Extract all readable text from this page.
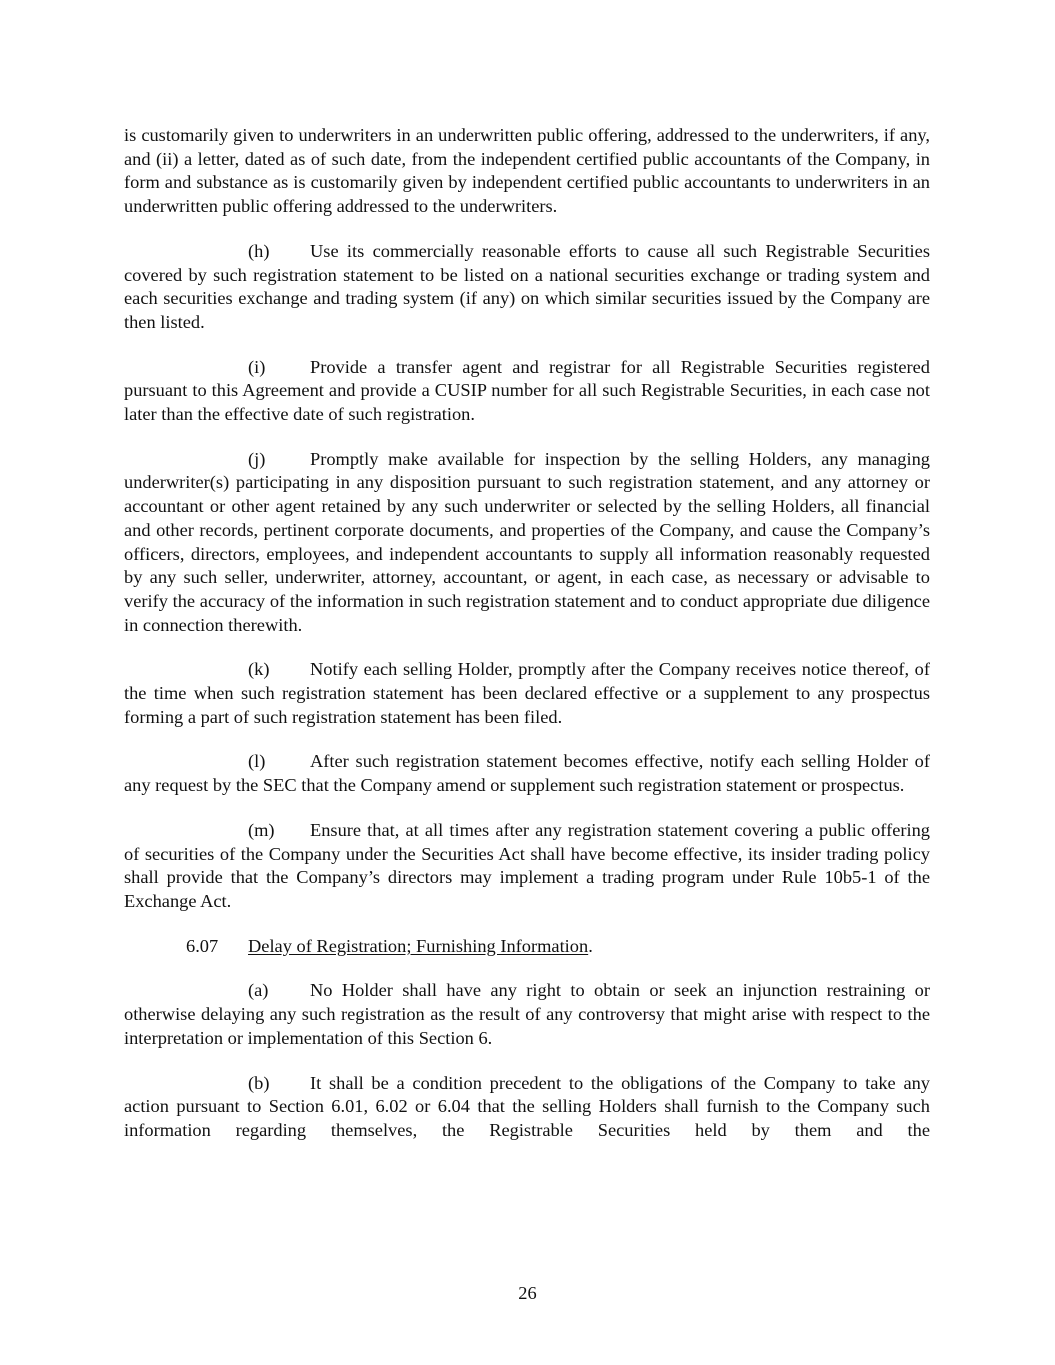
is customarily given to underwriters in an underwritten public offering, addressed to the underwriters, if any, and (ii) a letter, dated as of such date, from the independent certified public accountants of the Company, in form and substance as is customarily given by independent certified public accountants to underwriters in an underwritten public offering addressed to the underwriters.

(h) Use its commercially reasonable efforts to cause all such Registrable Securities covered by such registration statement to be listed on a national securities exchange or trading system and each securities exchange and trading system (if any) on which similar securities issued by the Company are then listed.

(i) Provide a transfer agent and registrar for all Registrable Securities registered pursuant to this Agreement and provide a CUSIP number for all such Registrable Securities, in each case not later than the effective date of such registration.

(j) Promptly make available for inspection by the selling Holders, any managing underwriter(s) participating in any disposition pursuant to such registration statement, and any attorney or accountant or other agent retained by any such underwriter or selected by the selling Holders, all financial and other records, pertinent corporate documents, and properties of the Company, and cause the Company’s officers, directors, employees, and independent accountants to supply all information reasonably requested by any such seller, underwriter, attorney, accountant, or agent, in each case, as necessary or advisable to verify the accuracy of the information in such registration statement and to conduct appropriate due diligence in connection therewith.

(k) Notify each selling Holder, promptly after the Company receives notice thereof, of the time when such registration statement has been declared effective or a supplement to any prospectus forming a part of such registration statement has been filed.

(l) After such registration statement becomes effective, notify each selling Holder of any request by the SEC that the Company amend or supplement such registration statement or prospectus.

(m) Ensure that, at all times after any registration statement covering a public offering of securities of the Company under the Securities Act shall have become effective, its insider trading policy shall provide that the Company’s directors may implement a trading program under Rule 10b5-1 of the Exchange Act.

6.07 Delay of Registration; Furnishing Information.

(a) No Holder shall have any right to obtain or seek an injunction restraining or otherwise delaying any such registration as the result of any controversy that might arise with respect to the interpretation or implementation of this Section 6.

(b) It shall be a condition precedent to the obligations of the Company to take any action pursuant to Section 6.01, 6.02 or 6.04 that the selling Holders shall furnish to the Company such information regarding themselves, the Registrable Securities held by them and the

26
